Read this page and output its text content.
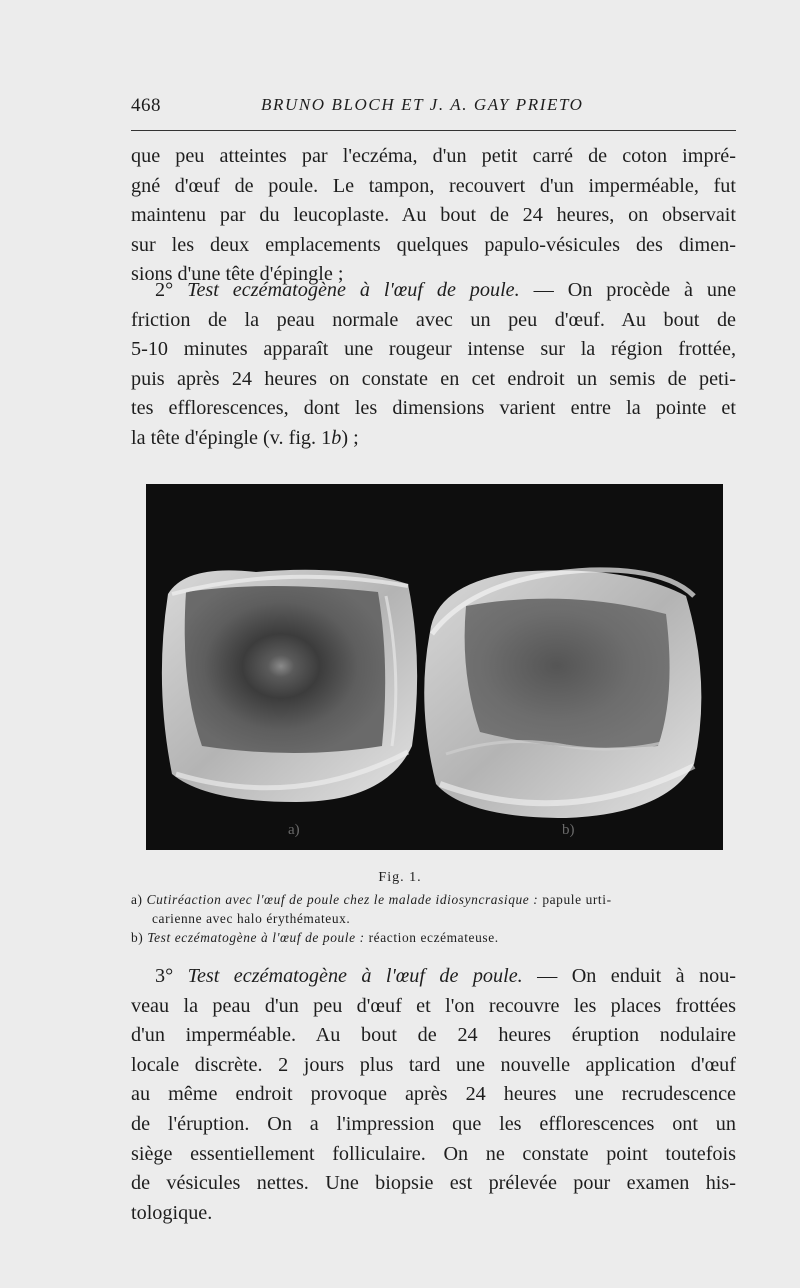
468	BRUNO BLOCH ET J. A. GAY PRIETO
que peu atteintes par l'eczéma, d'un petit carré de coton impré-
gné d'œuf de poule. Le tampon, recouvert d'un imperméable, fut
maintenu par du leucoplaste. Au bout de 24 heures, on observait
sur les deux emplacements quelques papulo-vésicules des dimen-
sions d'une tête d'épingle ;
2° Test eczématogène à l'œuf de poule. — On procède à une
friction de la peau normale avec un peu d'œuf. Au bout de
5-10 minutes apparaît une rougeur intense sur la région frottée,
puis après 24 heures on constate en cet endroit un semis de peti-
tes efflorescences, dont les dimensions varient entre la pointe et
la tête d'épingle (v. fig. 1b) ;
a)	b)
Fig. 1.
a) Cutiréaction avec l'œuf de poule chez le malade idiosyncrasique : papule urti-
carienne avec halo érythémateux.
b) Test eczématogène à l'œuf de poule : réaction eczémateuse.
3° Test eczématogène à l'œuf de poule. — On enduit à nou-
veau la peau d'un peu d'œuf et l'on recouvre les places frottées
d'un imperméable. Au bout de 24 heures éruption nodulaire
locale discrète. 2 jours plus tard une nouvelle application d'œuf
au même endroit provoque après 24 heures une recrudescence
de l'éruption. On a l'impression que les efflorescences ont un
siège essentiellement folliculaire. On ne constate point toutefois
de vésicules nettes. Une biopsie est prélevée pour examen his-
tologique.
